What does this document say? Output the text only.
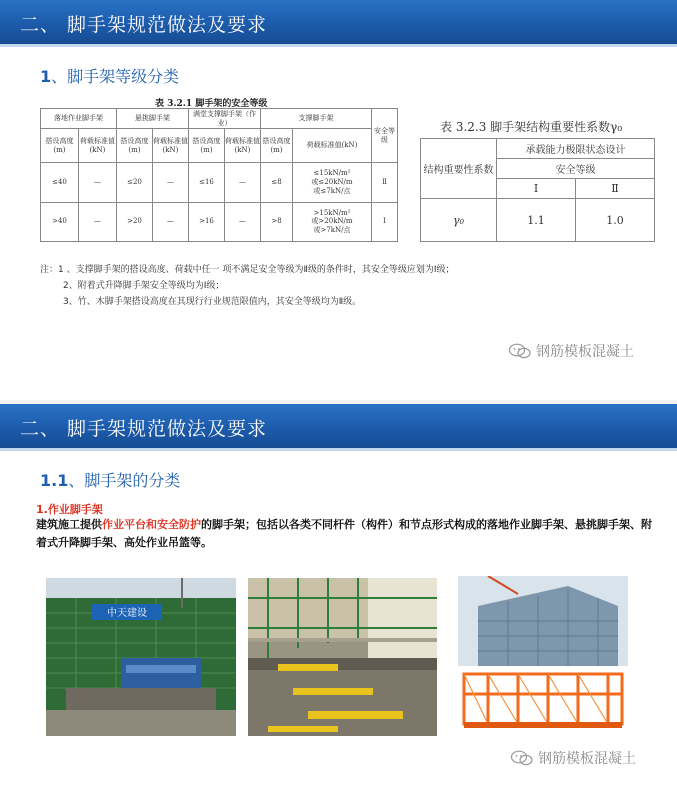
二、 脚手架规范做法及要求
1、脚手架等级分类
表 3.2.1 脚手架的安全等级
落地作业脚手架		悬挑脚手架		满堂支撑脚手架（作业）		支撑脚手架		安全等级
搭设高度(m)	荷载标准值(kN)	搭设高度(m)	荷载标准值(kN)	搭设高度(m)	荷载标准值(kN)	搭设高度(m)	荷载标准值(kN)	
≤40	—	≤20	—	≤16	—	≤8	≤15kN/m²
或≤20kN/m
或≤7kN/点	Ⅱ
>40	—	>20	—	>16	—	>8	>15kN/m²
或>20kN/m
或>7kN/点	Ⅰ
表 3.2.3 脚手架结构重要性系数γ₀
结构重要性系数	承载能力极限状态设计	
	安全等级	
	Ⅰ	Ⅱ
γ₀	1.1	1.0
注：1 、支撑脚手架的搭设高度、荷载中任一 项不满足安全等级为Ⅱ级的条件时，其安全等级应划为Ⅰ级；
2、附着式升降脚手架安全等级均为Ⅰ级；
3、竹、木脚手架搭设高度在其现行行业规范限值内，其安全等级均为Ⅱ级。
钢筋模板混凝土
二、 脚手架规范做法及要求
1.1、脚手架的分类
1.作业脚手架
建筑施工提供作业平台和安全防护的脚手架；包括以各类不同杆件（构件）和节点形式构成的落地作业脚手架、悬挑脚手架、附着式升降脚手架、高处作业吊篮等。
中天建设
钢筋模板混凝土
